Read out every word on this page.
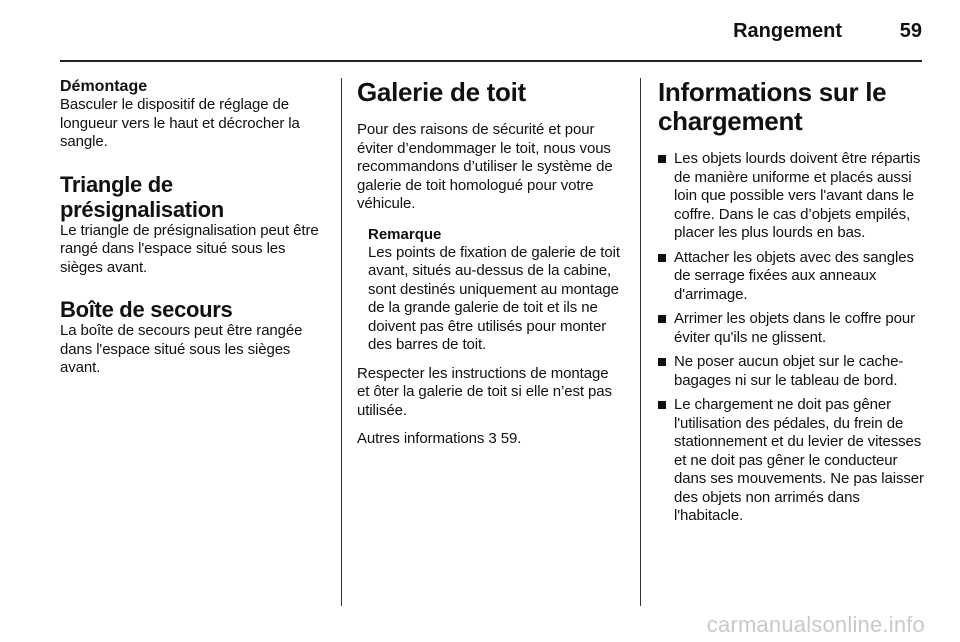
Rangement	59
Démontage
Basculer le dispositif de réglage de longueur vers le haut et décrocher la sangle.
Triangle de présignalisation
Le triangle de présignalisation peut être rangé dans l'espace situé sous les sièges avant.
Boîte de secours
La boîte de secours peut être rangée dans l'espace situé sous les sièges avant.
Galerie de toit
Pour des raisons de sécurité et pour éviter d’endommager le toit, nous vous recommandons d’utiliser le système de galerie de toit homologué pour votre véhicule.
Remarque
Les points de fixation de galerie de toit avant, situés au-dessus de la cabine, sont destinés uniquement au montage de la grande galerie de toit et ils ne doivent pas être utilisés pour monter des barres de toit.
Respecter les instructions de montage et ôter la galerie de toit si elle n’est pas utilisée.
Autres informations 3 59.
Informations sur le chargement
Les objets lourds doivent être répartis de manière uniforme et placés aussi loin que possible vers l'avant dans le coffre. Dans le cas d’objets empilés, placer les plus lourds en bas.
Attacher les objets avec des sangles de serrage fixées aux anneaux d'arrimage.
Arrimer les objets dans le coffre pour éviter qu'ils ne glissent.
Ne poser aucun objet sur le cache-bagages ni sur le tableau de bord.
Le chargement ne doit pas gêner l'utilisation des pédales, du frein de stationnement et du levier de vitesses et ne doit pas gêner le conducteur dans ses mouvements. Ne pas laisser des objets non arrimés dans l'habitacle.
carmanualsonline.info
